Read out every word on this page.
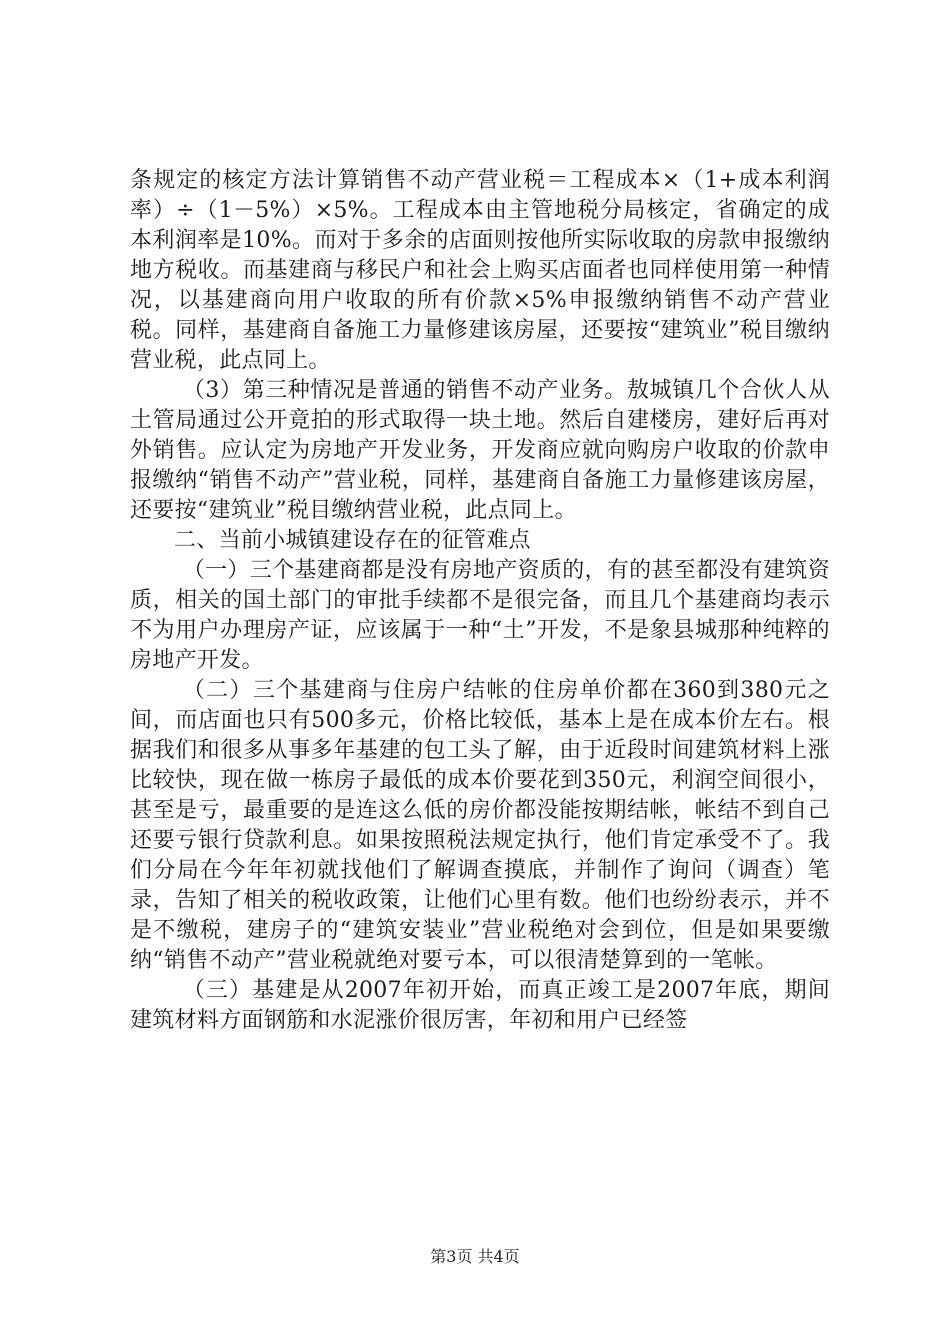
条规定的核定方法计算销售不动产营业税＝工程成本×（1+成本利润率）÷（1－5%）×5%。工程成本由主管地税分局核定，省确定的成本利润率是10%。而对于多余的店面则按他所实际收取的房款申报缴纳地方税收。而基建商与移民户和社会上购买店面者也同样使用第一种情况，以基建商向用户收取的所有价款×5%申报缴纳销售不动产营业税。同样，基建商自备施工力量修建该房屋，还要按“建筑业”税目缴纳营业税，此点同上。

（3）第三种情况是普通的销售不动产业务。敖城镇几个合伙人从土管局通过公开竟拍的形式取得一块土地。然后自建楼房，建好后再对外销售。应认定为房地产开发业务，开发商应就向购房户收取的价款申报缴纳“销售不动产”营业税，同样，基建商自备施工力量修建该房屋，还要按“建筑业”税目缴纳营业税，此点同上。

二、当前小城镇建设存在的征管难点

（一）三个基建商都是没有房地产资质的，有的甚至都没有建筑资质，相关的国土部门的审批手续都不是很完备，而且几个基建商均表示不为用户办理房产证，应该属于一种“土”开发，不是象县城那种纯粹的房地产开发。

（二）三个基建商与住房户结帐的住房单价都在360到380元之间，而店面也只有500多元，价格比较低，基本上是在成本价左右。根据我们和很多从事多年基建的包工头了解，由于近段时间建筑材料上涨比较快，现在做一栋房子最低的成本价要花到350元，利润空间很小，甚至是亏，最重要的是连这么低的房价都没能按期结帐，帐结不到自己还要亏银行贷款利息。如果按照税法规定执行，他们肯定承受不了。我们分局在今年年初就找他们了解调查摸底，并制作了询问（调查）笔录，告知了相关的税收政策，让他们心里有数。他们也纷纷表示，并不是不缴税，建房子的“建筑安装业”营业税绝对会到位，但是如果要缴纳“销售不动产”营业税就绝对要亏本，可以很清楚算到的一笔帐。

（三）基建是从2007年初开始，而真正竣工是2007年底，期间建筑材料方面钢筋和水泥涨价很厉害，年初和用户已经签

第3页 共4页
